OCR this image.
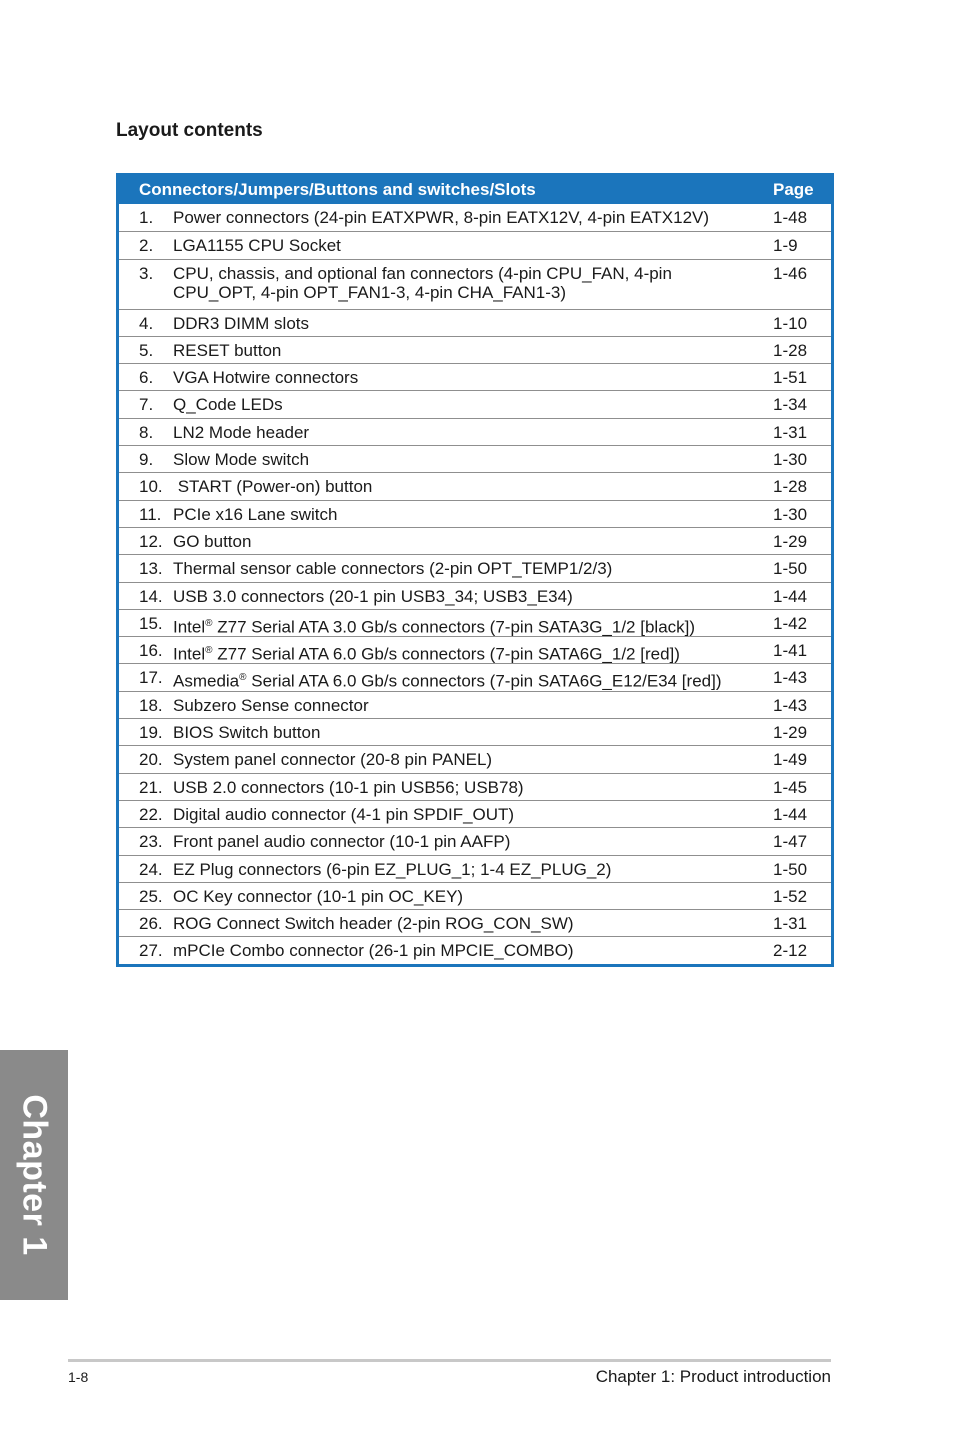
Layout contents
Connectors/Jumpers/Buttons and switches/Slots	Page
1.	Power connectors (24-pin EATXPWR, 8-pin EATX12V, 4-pin EATX12V)	1-48
2.	LGA1155 CPU Socket	1-9
3.	CPU, chassis, and optional fan connectors (4-pin CPU_FAN, 4-pin
CPU_OPT, 4-pin OPT_FAN1-3, 4-pin CHA_FAN1-3)
1-46
4.	DDR3 DIMM slots	1-10
5.	RESET button	1-28
6.	VGA Hotwire connectors	1-51
7.	Q_Code LEDs	1-34
8.	LN2 Mode header	1-31
9.	Slow Mode switch	1-30
10. START (Power-on) button	1-28
11. PCIe x16 Lane switch	1-30
12. GO button	1-29
13. Thermal sensor cable connectors (2-pin OPT_TEMP1/2/3)	1-50
14. USB 3.0 connectors (20-1 pin USB3_34; USB3_E34)	1-44
15. Intel® Z77 Serial ATA 3.0 Gb/s connectors (7-pin SATA3G_1/2 [black])	1-42
16. Intel® Z77 Serial ATA 6.0 Gb/s connectors (7-pin SATA6G_1/2 [red])	1-41
17. Asmedia® Serial ATA 6.0 Gb/s connectors (7-pin SATA6G_E12/E34 [red])	1-43
18. Subzero Sense connector	1-43
19. BIOS Switch button	1-29
20. System panel connector (20-8 pin PANEL)	1-49
21. USB 2.0 connectors (10-1 pin USB56; USB78)	1-45
22. Digital audio connector (4-1 pin SPDIF_OUT)	1-44
23. Front panel audio connector (10-1 pin AAFP)	1-47
24. EZ Plug connectors (6-pin EZ_PLUG_1; 1-4 EZ_PLUG_2)	1-50
25. OC Key connector (10-1 pin OC_KEY)	1-52
26. ROG Connect Switch header (2-pin ROG_CON_SW)	1-31
27. mPCIe Combo connector (26-1 pin MPCIE_COMBO)	2-12
Chapter 1
1-8	Chapter 1: Product introduction
